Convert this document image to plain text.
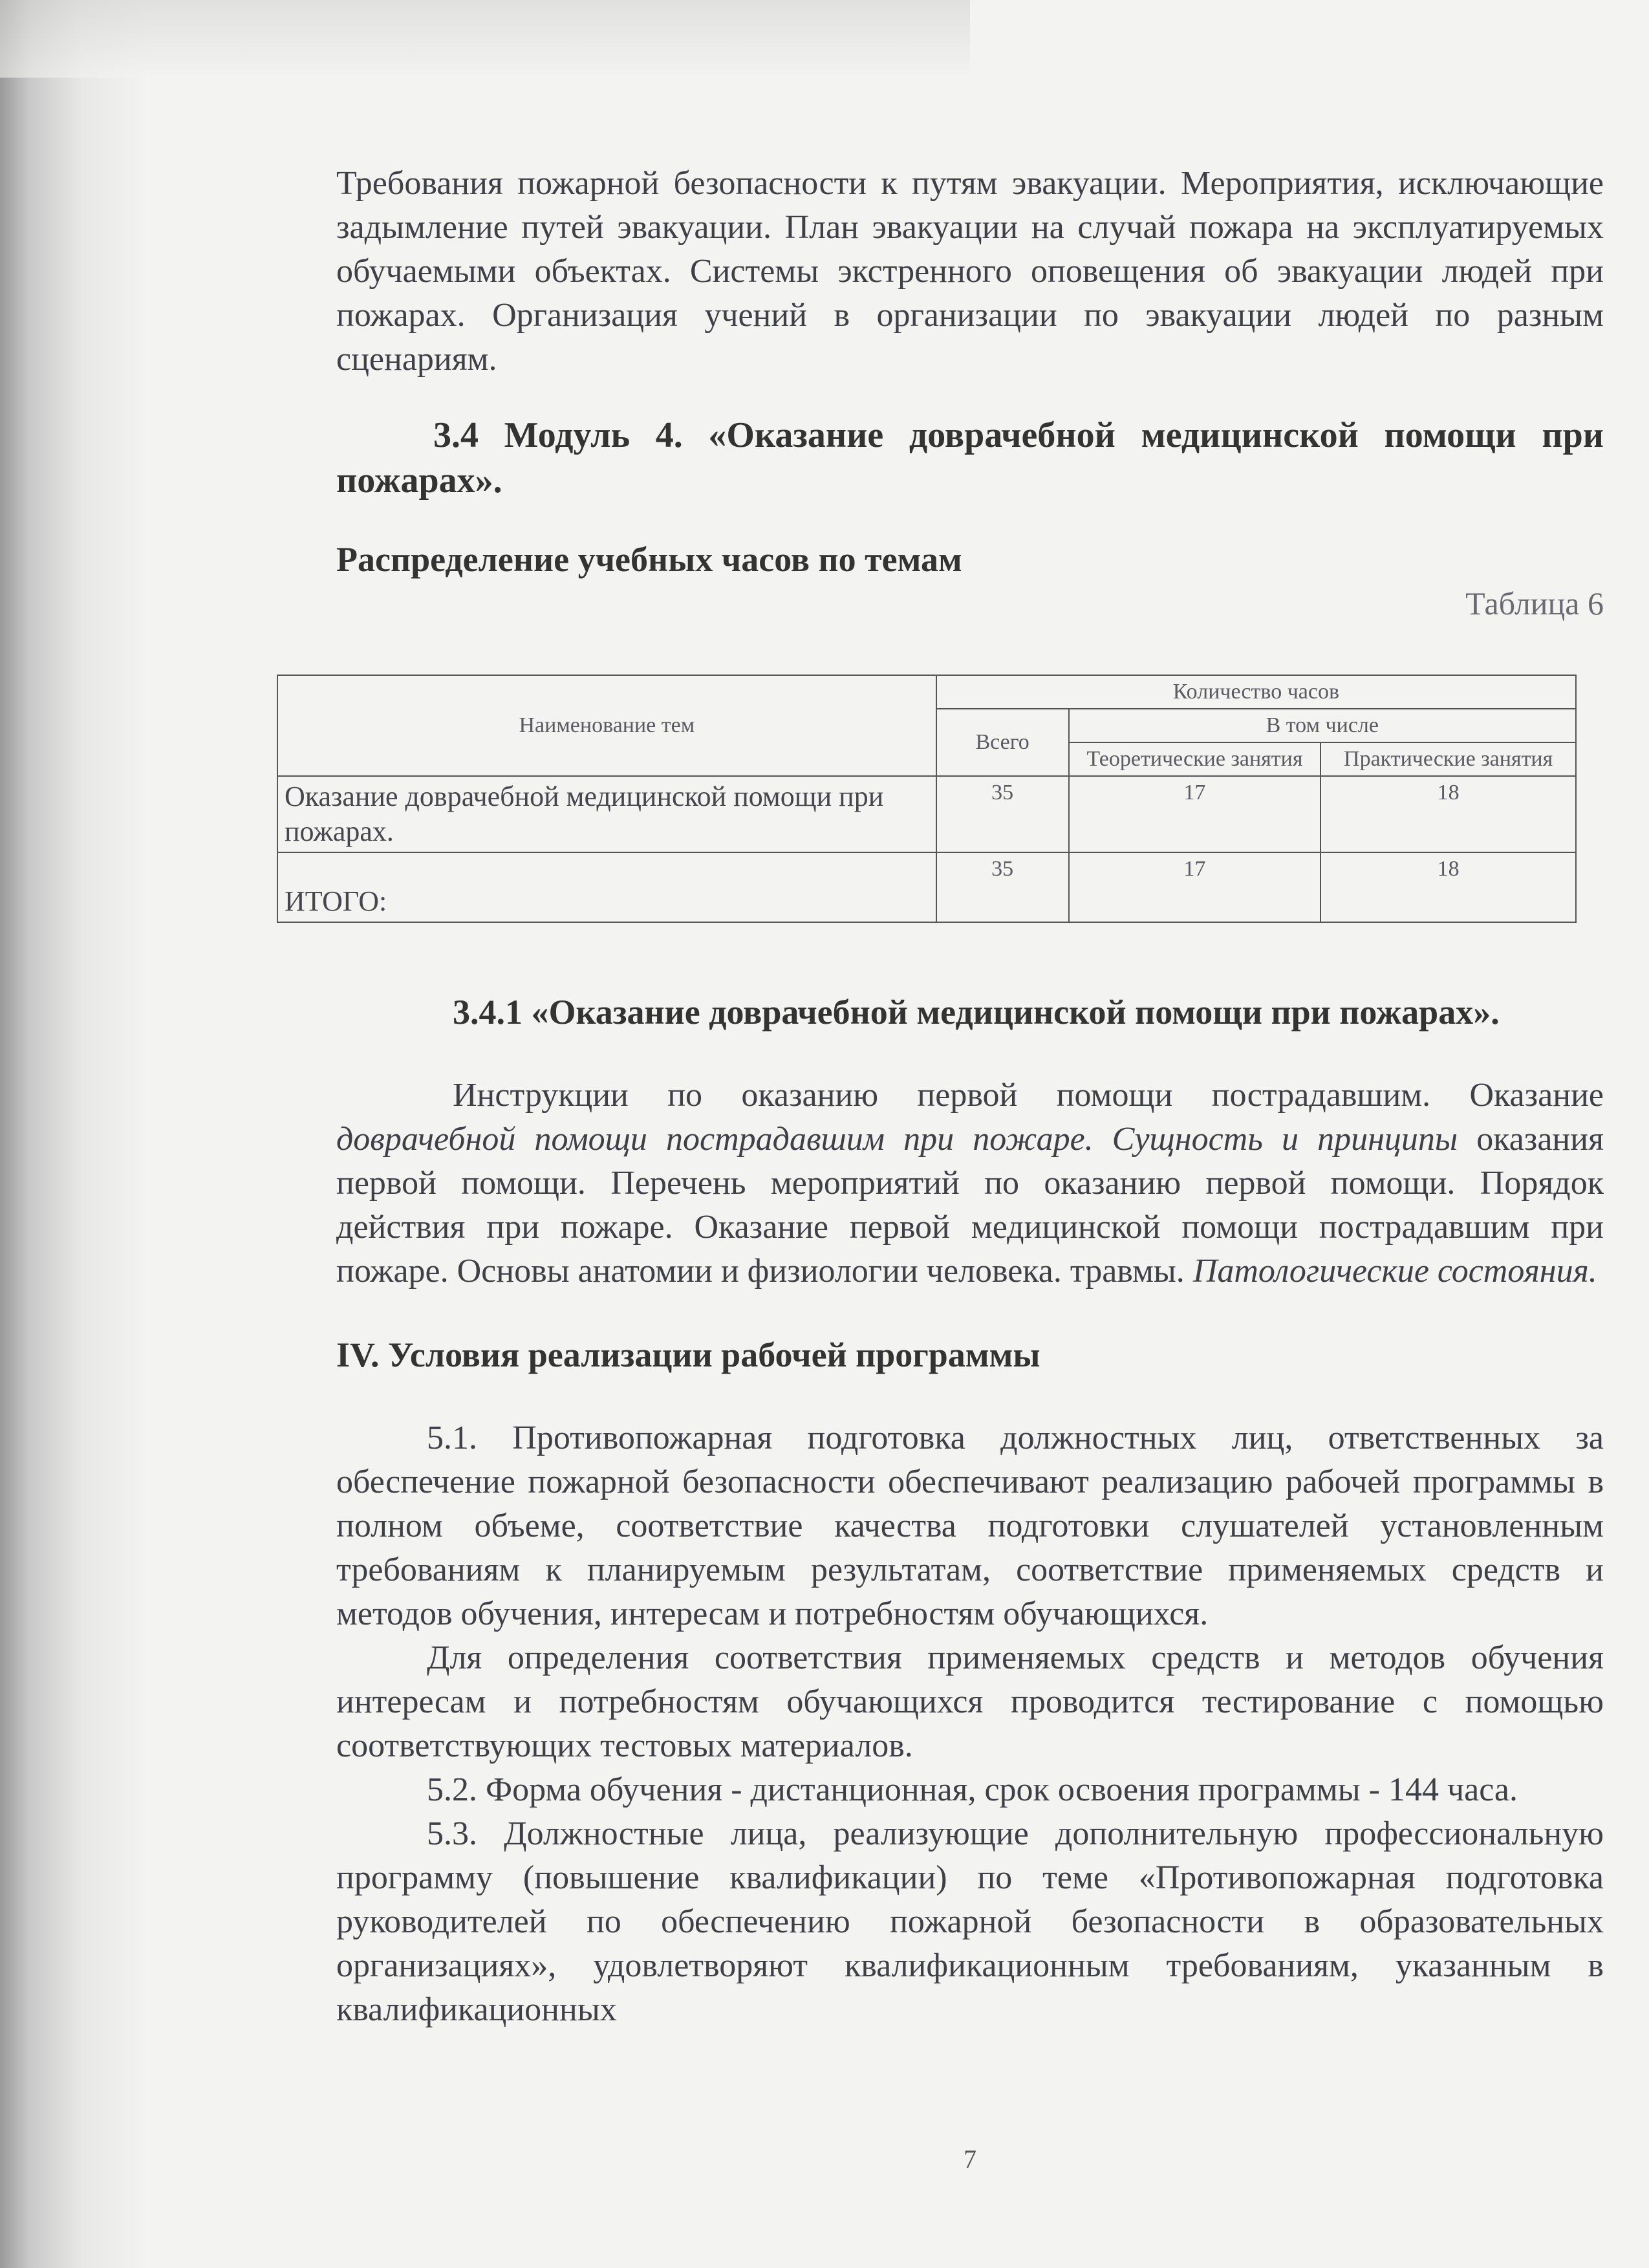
Требования пожарной безопасности к путям эвакуации. Мероприятия, исключающие задымление путей эвакуации. План эвакуации на случай пожара на эксплуатируемых обучаемыми объектах. Системы экстренного оповещения об эвакуации людей при пожарах. Организация учений в организации по эвакуации людей по разным сценариям.

3.4 Модуль 4. «Оказание доврачебной медицинской помощи при пожарах».

Распределение учебных часов по темам

Таблица 6

Наименование тем	Количество часов		
	Всего	В том числе	
		Теоретические занятия	Практические занятия
Оказание доврачебной медицинской помощи при пожарах.	35	17	18
ИТОГО:	35	17	18

3.4.1 «Оказание доврачебной медицинской помощи при пожарах».

Инструкции по оказанию первой помощи пострадавшим. Оказание доврачебной помощи пострадавшим при пожаре. Сущность и принципы оказания первой помощи. Перечень мероприятий по оказанию первой помощи. Порядок действия при пожаре. Оказание первой медицинской помощи пострадавшим при пожаре. Основы анатомии и физиологии человека. травмы. Патологические состояния.

IV. Условия реализации рабочей программы

5.1. Противопожарная подготовка должностных лиц, ответственных за обеспечение пожарной безопасности обеспечивают реализацию рабочей программы в полном объеме, соответствие качества подготовки слушателей установленным требованиям к планируемым результатам, соответствие применяемых средств и методов обучения, интересам и потребностям обучающихся.

Для определения соответствия применяемых средств и методов обучения интересам и потребностям обучающихся проводится тестирование с помощью соответствующих тестовых материалов.

5.2. Форма обучения - дистанционная, срок освоения программы - 144 часа.

5.3. Должностные лица, реализующие дополнительную профессиональную программу (повышение квалификации) по теме «Противопожарная подготовка руководителей по обеспечению пожарной безопасности в образовательных организациях», удовлетворяют квалификационным требованиям, указанным в квалификационных

7
